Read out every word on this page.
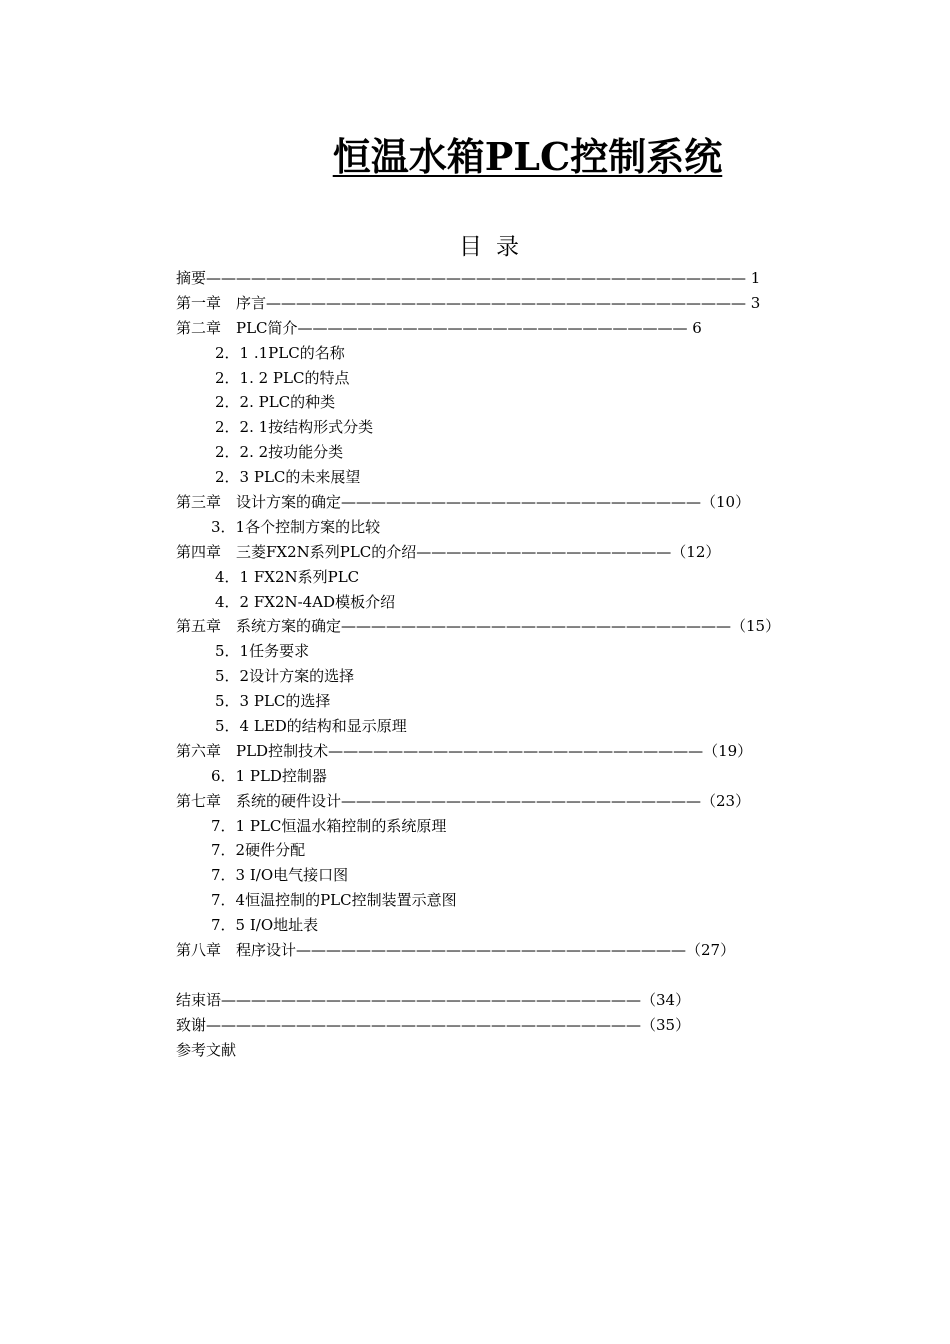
恒温水箱PLC控制系统
目录
摘要———————————————————————————————————— 1
第一章　序言———————————————————————————————— 3
第二章　PLC简介—————————————————————————— 6
2．1 .1PLC的名称
2．1. 2 PLC的特点
2．2. PLC的种类
2．2. 1按结构形式分类
2．2. 2按功能分类
2．3 PLC的未来展望
第三章　设计方案的确定————————————————————————（10）
3．1各个控制方案的比较
第四章　三菱FX2N系列PLC的介绍—————————————————（12）
4．1 FX2N系列PLC
4．2 FX2N-4AD模板介绍
第五章　系统方案的确定——————————————————————————（15）
5．1任务要求
5．2设计方案的选择
5．3 PLC的选择
5．4 LED的结构和显示原理
第六章　PLD控制技术—————————————————————————（19）
6．1 PLD控制器
第七章　系统的硬件设计————————————————————————（23）
7．1 PLC恒温水箱控制的系统原理
7．2硬件分配
7．3 I/O电气接口图
7．4恒温控制的PLC控制装置示意图
7．5 I/O地址表
第八章　程序设计——————————————————————————（27）
结束语————————————————————————————（34）
致谢—————————————————————————————（35）
参考文献
